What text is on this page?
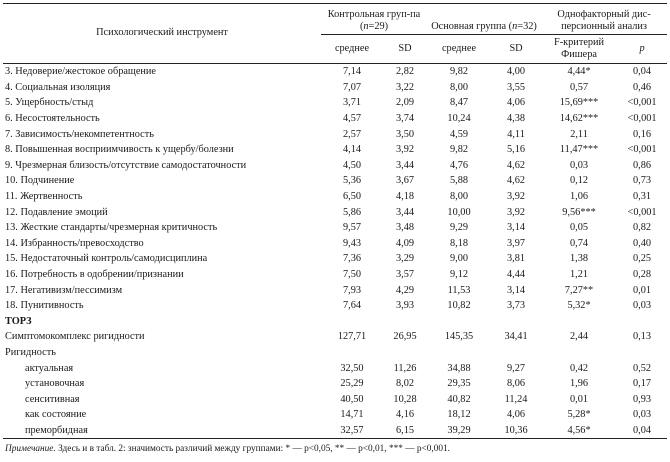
Психологический инструмент	Контрольная груп-па (n=29)		Основная группа (n=32)		Однофакторный дис-персионный анализ	
	среднее	SD	среднее	SD	F-критерий Фишера	p
3. Недоверие/жестокое обращение	7,14	2,82	9,82	4,00	4,44*	0,04
4. Социальная изоляция	7,07	3,22	8,00	3,55	0,57	0,46
5. Ущербность/стыд	3,71	2,09	8,47	4,06	15,69***	<0,001
6. Несостоятельность	4,57	3,74	10,24	4,38	14,62***	<0,001
7. Зависимость/некомпетентность	2,57	3,50	4,59	4,11	2,11	0,16
8. Повышенная восприимчивость к ущербу/болезни	4,14	3,92	9,82	5,16	11,47***	<0,001
9. Чрезмерная близость/отсутствие самодостаточности	4,50	3,44	4,76	4,62	0,03	0,86
10. Подчинение	5,36	3,67	5,88	4,62	0,12	0,73
11. Жертвенность	6,50	4,18	8,00	3,92	1,06	0,31
12. Подавление эмоций	5,86	3,44	10,00	3,92	9,56***	<0,001
13. Жесткие стандарты/чрезмерная критичность	9,57	3,48	9,29	3,14	0,05	0,82
14. Избранность/превосходство	9,43	4,09	8,18	3,97	0,74	0,40
15. Недостаточный контроль/самодисциплина	7,36	3,29	9,00	3,81	1,38	0,25
16. Потребность в одобрении/признании	7,50	3,57	9,12	4,44	1,21	0,28
17. Негативизм/пессимизм	7,93	4,29	11,53	3,14	7,27**	0,01
18. Пунитивность	7,64	3,93	10,82	3,73	5,32*	0,03
ТОРЗ						
Симптомокомплекс ригидности	127,71	26,95	145,35	34,41	2,44	0,13
Ригидность						
актуальная	32,50	11,26	34,88	9,27	0,42	0,52
установочная	25,29	8,02	29,35	8,06	1,96	0,17
сенситивная	40,50	10,28	40,82	11,24	0,01	0,93
как состояние	14,71	4,16	18,12	4,06	5,28*	0,03
преморбидная	32,57	6,15	39,29	10,36	4,56*	0,04
Примечание. Здесь и в табл. 2: значимость различий между группами: * — p<0,05, ** — p<0,01, *** — p<0,001.
